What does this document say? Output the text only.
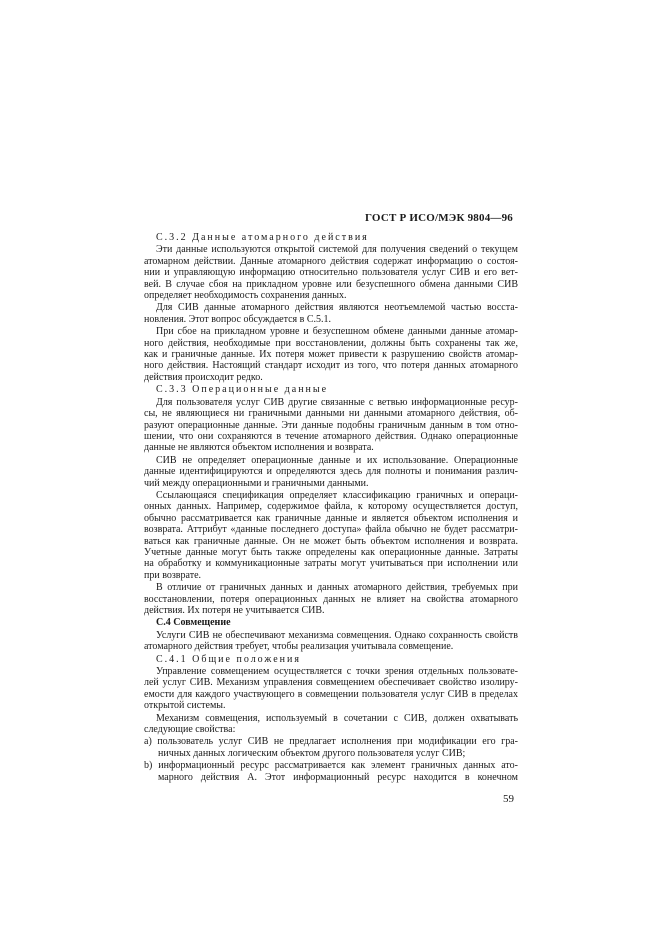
ГОСТ Р ИСО/МЭК 9804—96
С.3.2 Данные атомарного действия
Эти данные используются открытой системой для получения сведений о текущем
атомарном действии. Данные атомарного действия содержат информацию о состоя-
нии и управляющую информацию относительно пользователя услуг СИВ и его вет-
вей. В случае сбоя на прикладном уровне или безуспешного обмена данными СИВ
определяет необходимость сохранения данных.
Для СИВ данные атомарного действия являются неотъемлемой частью восста-
новления. Этот вопрос обсуждается в С.5.1.
При сбое на прикладном уровне и безуспешном обмене данными данные атомар-
ного действия, необходимые при восстановлении, должны быть сохранены так же,
как и граничные данные. Их потеря может привести к разрушению свойств атомар-
ного действия. Настоящий стандарт исходит из того, что потеря данных атомарного
действия происходит редко.
С.3.3 Операционные данные
Для пользователя услуг СИВ другие связанные с ветвью информационные ресур-
сы, не являющиеся ни граничными данными ни данными атомарного действия, об-
разуют операционные данные. Эти данные подобны граничным данным в том отно-
шении, что они сохраняются в течение атомарного действия. Однако операционные
данные не являются объектом исполнения и возврата.
СИВ не определяет операционные данные и их использование. Операционные
данные идентифицируются и определяются здесь для полноты и понимания различ-
чий между операционными и граничными данными.
Ссылающаяся спецификация определяет классификацию граничных и операци-
онных данных. Например, содержимое файла, к которому осуществляется доступ,
обычно рассматривается как граничные данные и является объектом исполнения и
возврата. Аттрибут «данные последнего доступа» файла обычно не будет рассматри-
ваться как граничные данные. Он не может быть объектом исполнения и возврата.
Учетные данные могут быть также определены как операционные данные. Затраты
на обработку и коммуникационные затраты могут учитываться при исполнении или
при возврате.
В отличие от граничных данных и данных атомарного действия, требуемых при
восстановлении, потеря операционных данных не влияет на свойства атомарного
действия. Их потеря не учитывается СИВ.
С.4 Совмещение
Услуги СИВ не обеспечивают механизма совмещения. Однако сохранность свойств
атомарного действия требует, чтобы реализация учитывала совмещение.
С.4.1 Общие положения
Управление совмещением осуществляется с точки зрения отдельных пользовате-
лей услуг СИВ. Механизм управления совмещением обеспечивает свойство изолиру-
емости для каждого участвующего в совмещении пользователя услуг СИВ в пределах
открытой системы.
Механизм совмещения, используемый в сочетании с СИВ, должен охватывать
следующие свойства:
a) пользователь услуг СИВ не предлагает исполнения при модификации его гра-
ничных данных логическим объектом другого пользователя услуг СИВ;
b) информационный ресурс рассматривается как элемент граничных данных ато-
марного действия А. Этот информационный ресурс находится в конечном
59
